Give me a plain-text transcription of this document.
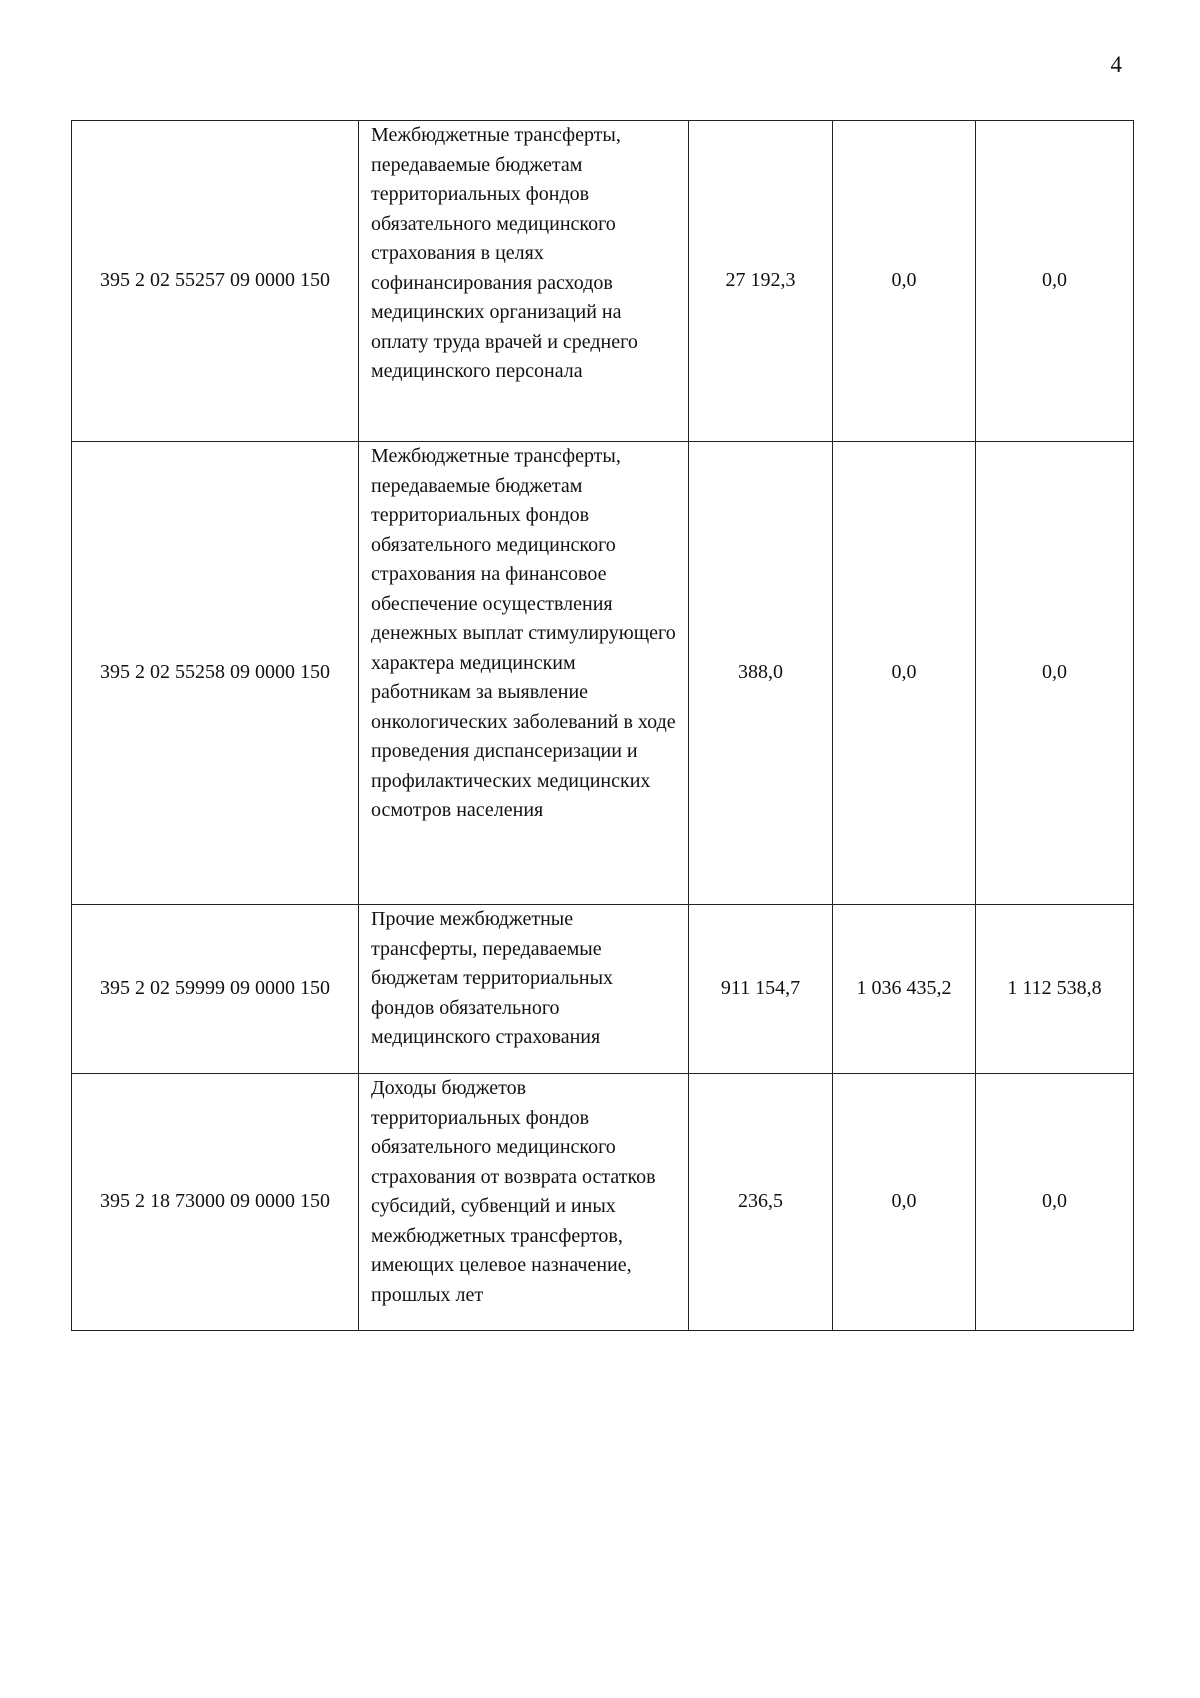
4
395 2 02 55257 09 0000 150	Межбюджетные трансферты, передаваемые бюджетам территориальных фондов обязательного медицинского страхования в целях софинансирования расходов медицинских организаций на оплату труда врачей и среднего медицинского персонала	27 192,3	0,0	0,0
395 2 02 55258 09 0000 150	Межбюджетные трансферты, передаваемые бюджетам территориальных фондов обязательного медицинского страхования на финансовое обеспечение осуществления денежных выплат стимулирующего характера медицинским работникам за выявление онкологических заболеваний в ходе проведения диспансеризации и профилактических медицинских осмотров населения	388,0	0,0	0,0
395 2 02 59999 09 0000 150	Прочие межбюджетные трансферты, передаваемые бюджетам территориальных фондов обязательного медицинского страхования	911 154,7	1 036 435,2	1 112 538,8
395 2 18 73000 09 0000 150	Доходы бюджетов территориальных фондов обязательного медицинского страхования от возврата остатков субсидий, субвенций и иных межбюджетных трансфертов, имеющих целевое назначение, прошлых лет	236,5	0,0	0,0
